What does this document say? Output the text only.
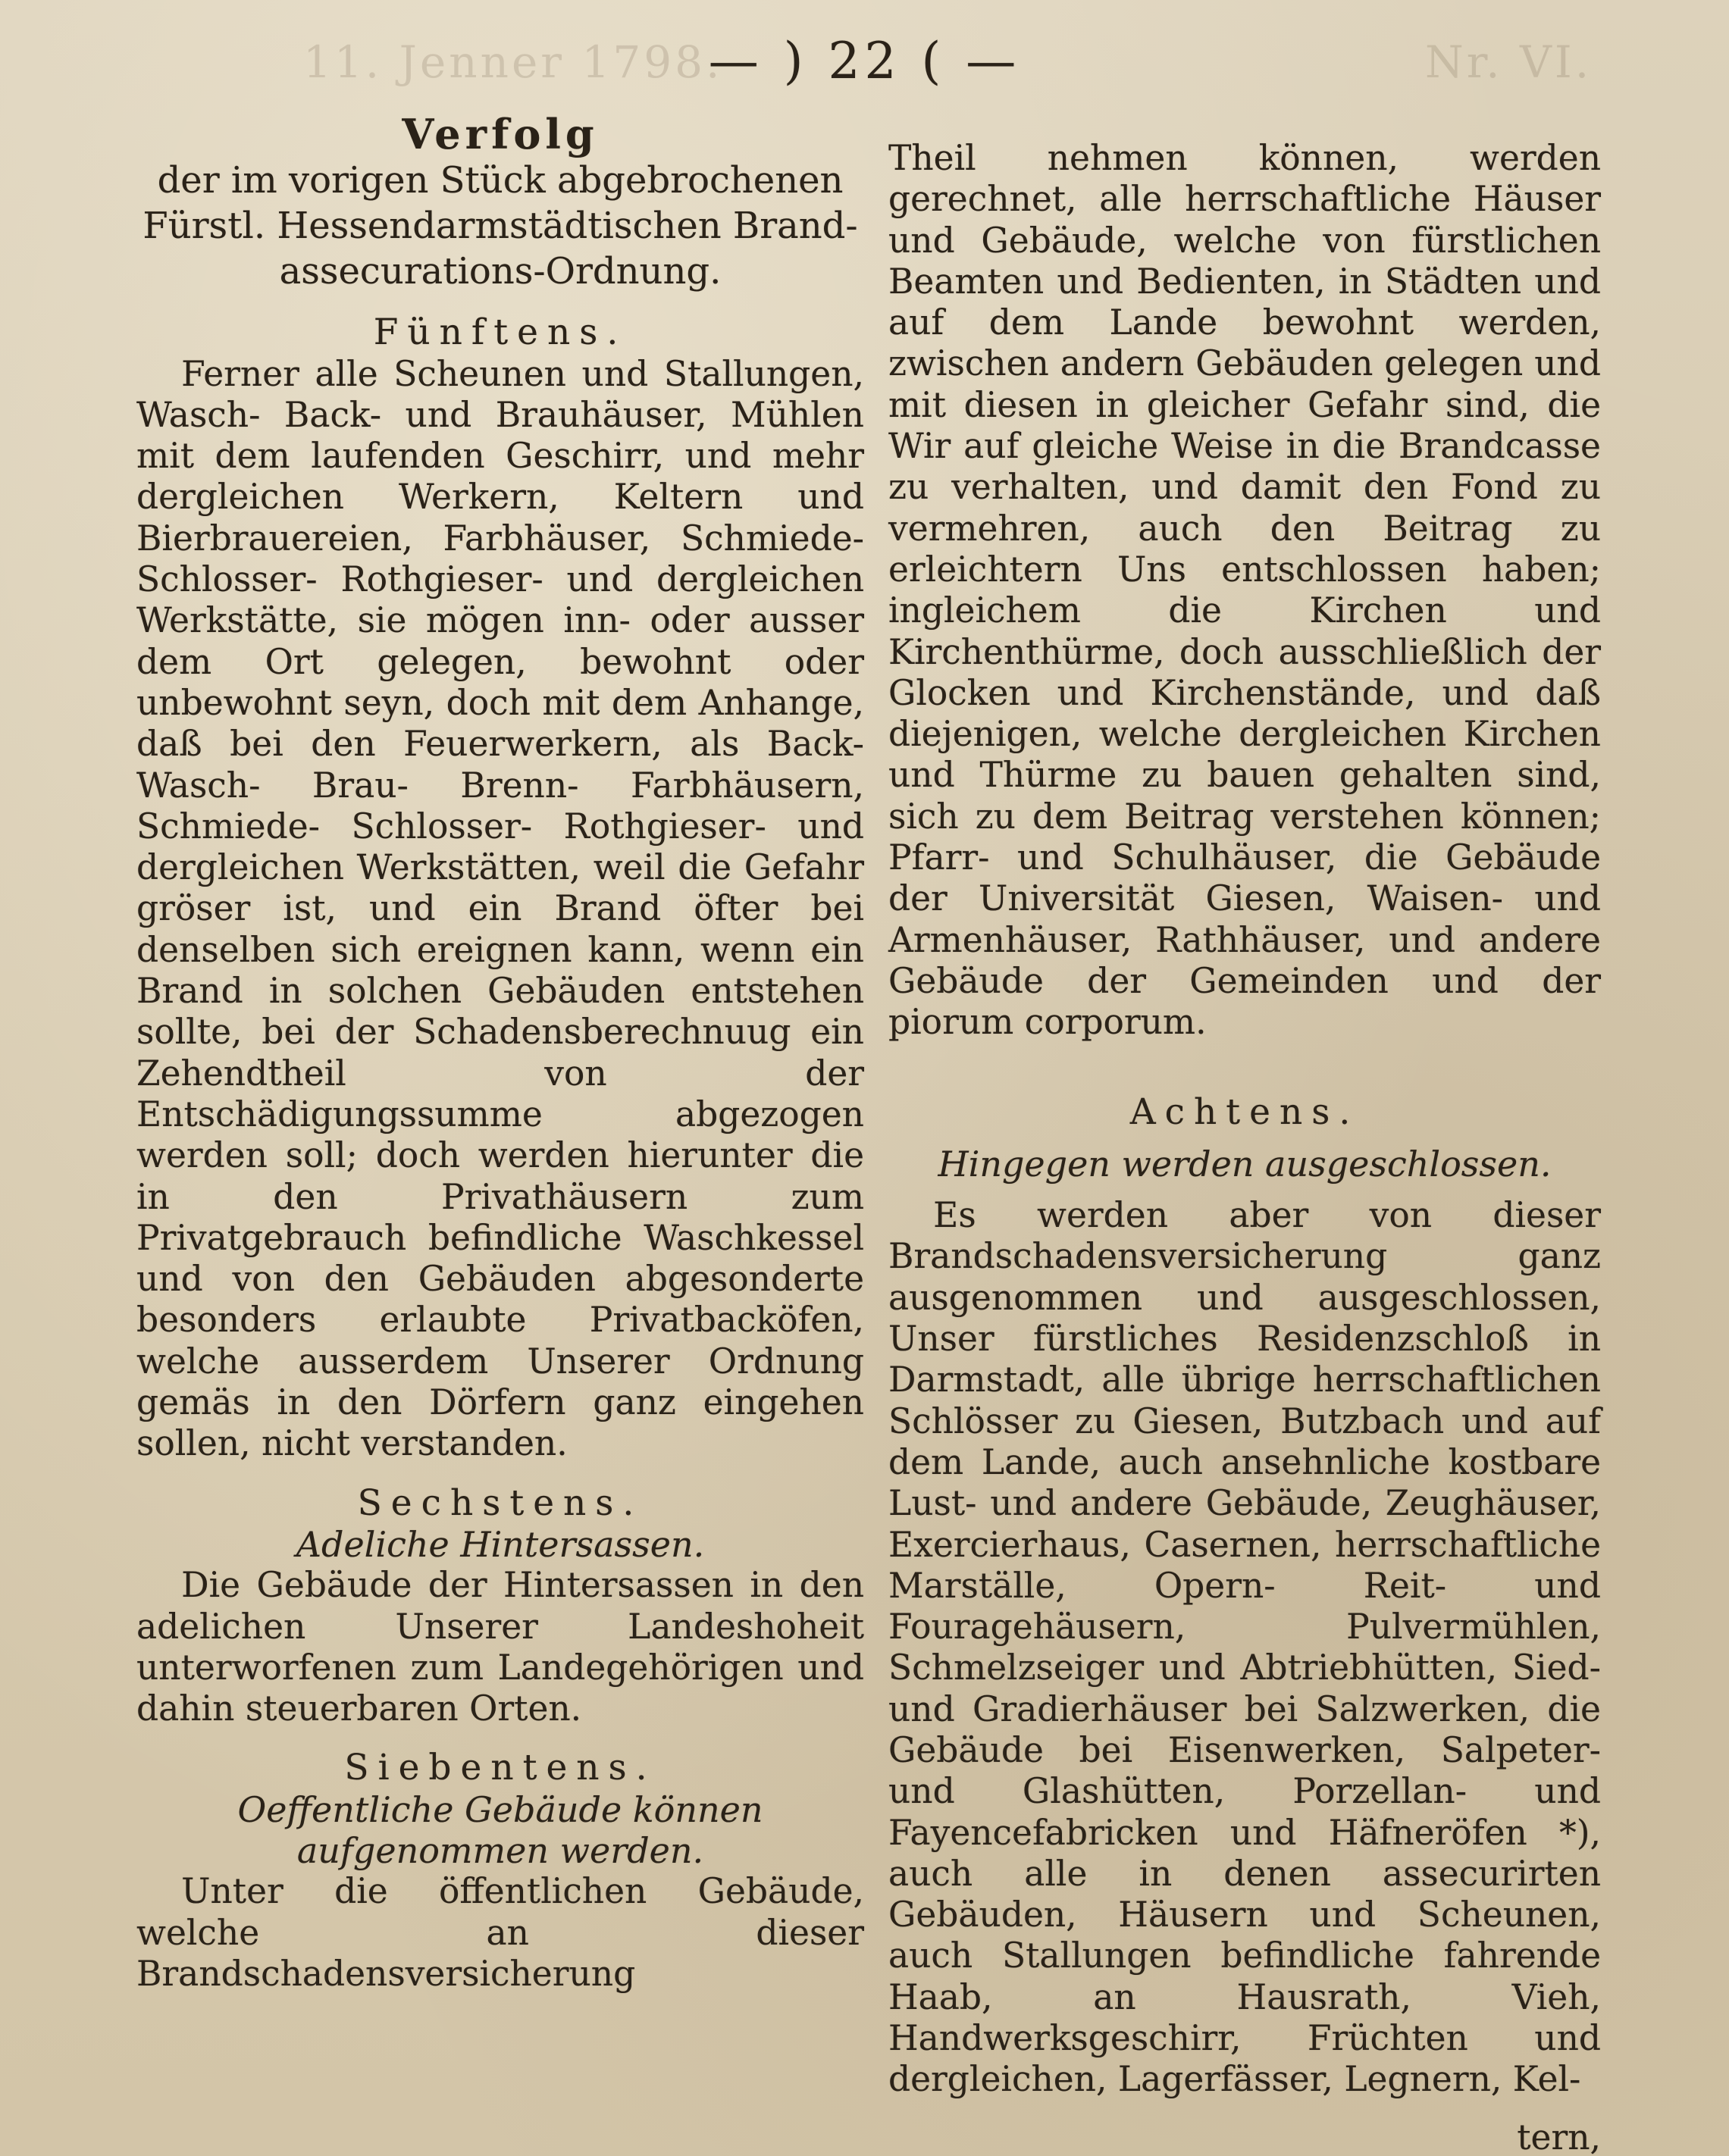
11. Jenner 1798.	Nr. VI.
— ) 22 ( —
Verfolg
der im vorigen Stück abgebrochenen
Fürstl. Hessendarmstädtischen Brand-
assecurations-Ordnung.
Fünftens.

Ferner alle Scheunen und Stallungen, Wasch- Back- und Brauhäuser, Mühlen mit dem laufenden Geschirr, und mehr dergleichen Werkern, Keltern und Bierbrauereien, Farbhäuser, Schmiede- Schlosser- Rothgieser- und dergleichen Werkstätte, sie mögen inn- oder ausser dem Ort gelegen, bewohnt oder unbewohnt seyn, doch mit dem Anhange, daß bei den Feuerwerkern, als Back- Wasch- Brau- Brenn- Farbhäusern, Schmiede- Schlosser- Rothgieser- und dergleichen Werkstätten, weil die Gefahr gröser ist, und ein Brand öfter bei denselben sich ereignen kann, wenn ein Brand in solchen Gebäuden entstehen sollte, bei der Schadensberechnuug ein Zehendtheil von der Entschädigungssumme abgezogen werden soll; doch werden hierunter die in den Privathäusern zum Privatgebrauch befindliche Waschkessel und von den Gebäuden abgesonderte besonders erlaubte Privatbacköfen, welche ausserdem Unserer Ordnung gemäs in den Dörfern ganz eingehen sollen, nicht verstanden.

Sechstens.
Adeliche Hintersassen.

Die Gebäude der Hintersassen in den adelichen Unserer Landeshoheit unterworfenen zum Landegehörigen und dahin steuerbaren Orten.

Siebentens.
Oeffentliche Gebäude können aufgenommen werden.

Unter die öffentlichen Gebäude, welche an dieser Brandschadensversicherung

Theil nehmen können, werden gerechnet, alle herrschaftliche Häuser und Gebäude, welche von fürstlichen Beamten und Bedienten, in Städten und auf dem Lande bewohnt werden, zwischen andern Gebäuden gelegen und mit diesen in gleicher Gefahr sind, die Wir auf gleiche Weise in die Brandcasse zu verhalten, und damit den Fond zu vermehren, auch den Beitrag zu erleichtern Uns entschlossen haben; ingleichem die Kirchen und Kirchenthürme, doch ausschließlich der Glocken und Kirchenstände, und daß diejenigen, welche dergleichen Kirchen und Thürme zu bauen gehalten sind, sich zu dem Beitrag verstehen können; Pfarr- und Schulhäuser, die Gebäude der Universität Giesen, Waisen- und Armenhäuser, Rathhäuser, und andere Gebäude der Gemeinden und der piorum corporum.

Achtens.
Hingegen werden ausgeschlossen.

Es werden aber von dieser Brandschadensversicherung ganz ausgenommen und ausgeschlossen, Unser fürstliches Residenzschloß in Darmstadt, alle übrige herrschaftlichen Schlösser zu Giesen, Butzbach und auf dem Lande, auch ansehnliche kostbare Lust- und andere Gebäude, Zeughäuser, Exercierhaus, Casernen, herrschaftliche Marställe, Opern- Reit- und Fouragehäusern, Pulvermühlen, Schmelzseiger und Abtriebhütten, Sied- und Gradierhäuser bei Salzwerken, die Gebäude bei Eisenwerken, Salpeter- und Glashütten, Porzellan- und Fayencefabricken und Häfneröfen *), auch alle in denen assecurirten Gebäuden, Häusern und Scheunen, auch Stallungen befindliche fahrende Haab, an Hausrath, Vieh, Handwerksgeschirr, Früchten und dergleichen, Lagerfässer, Legnern, Kel-

tern,
